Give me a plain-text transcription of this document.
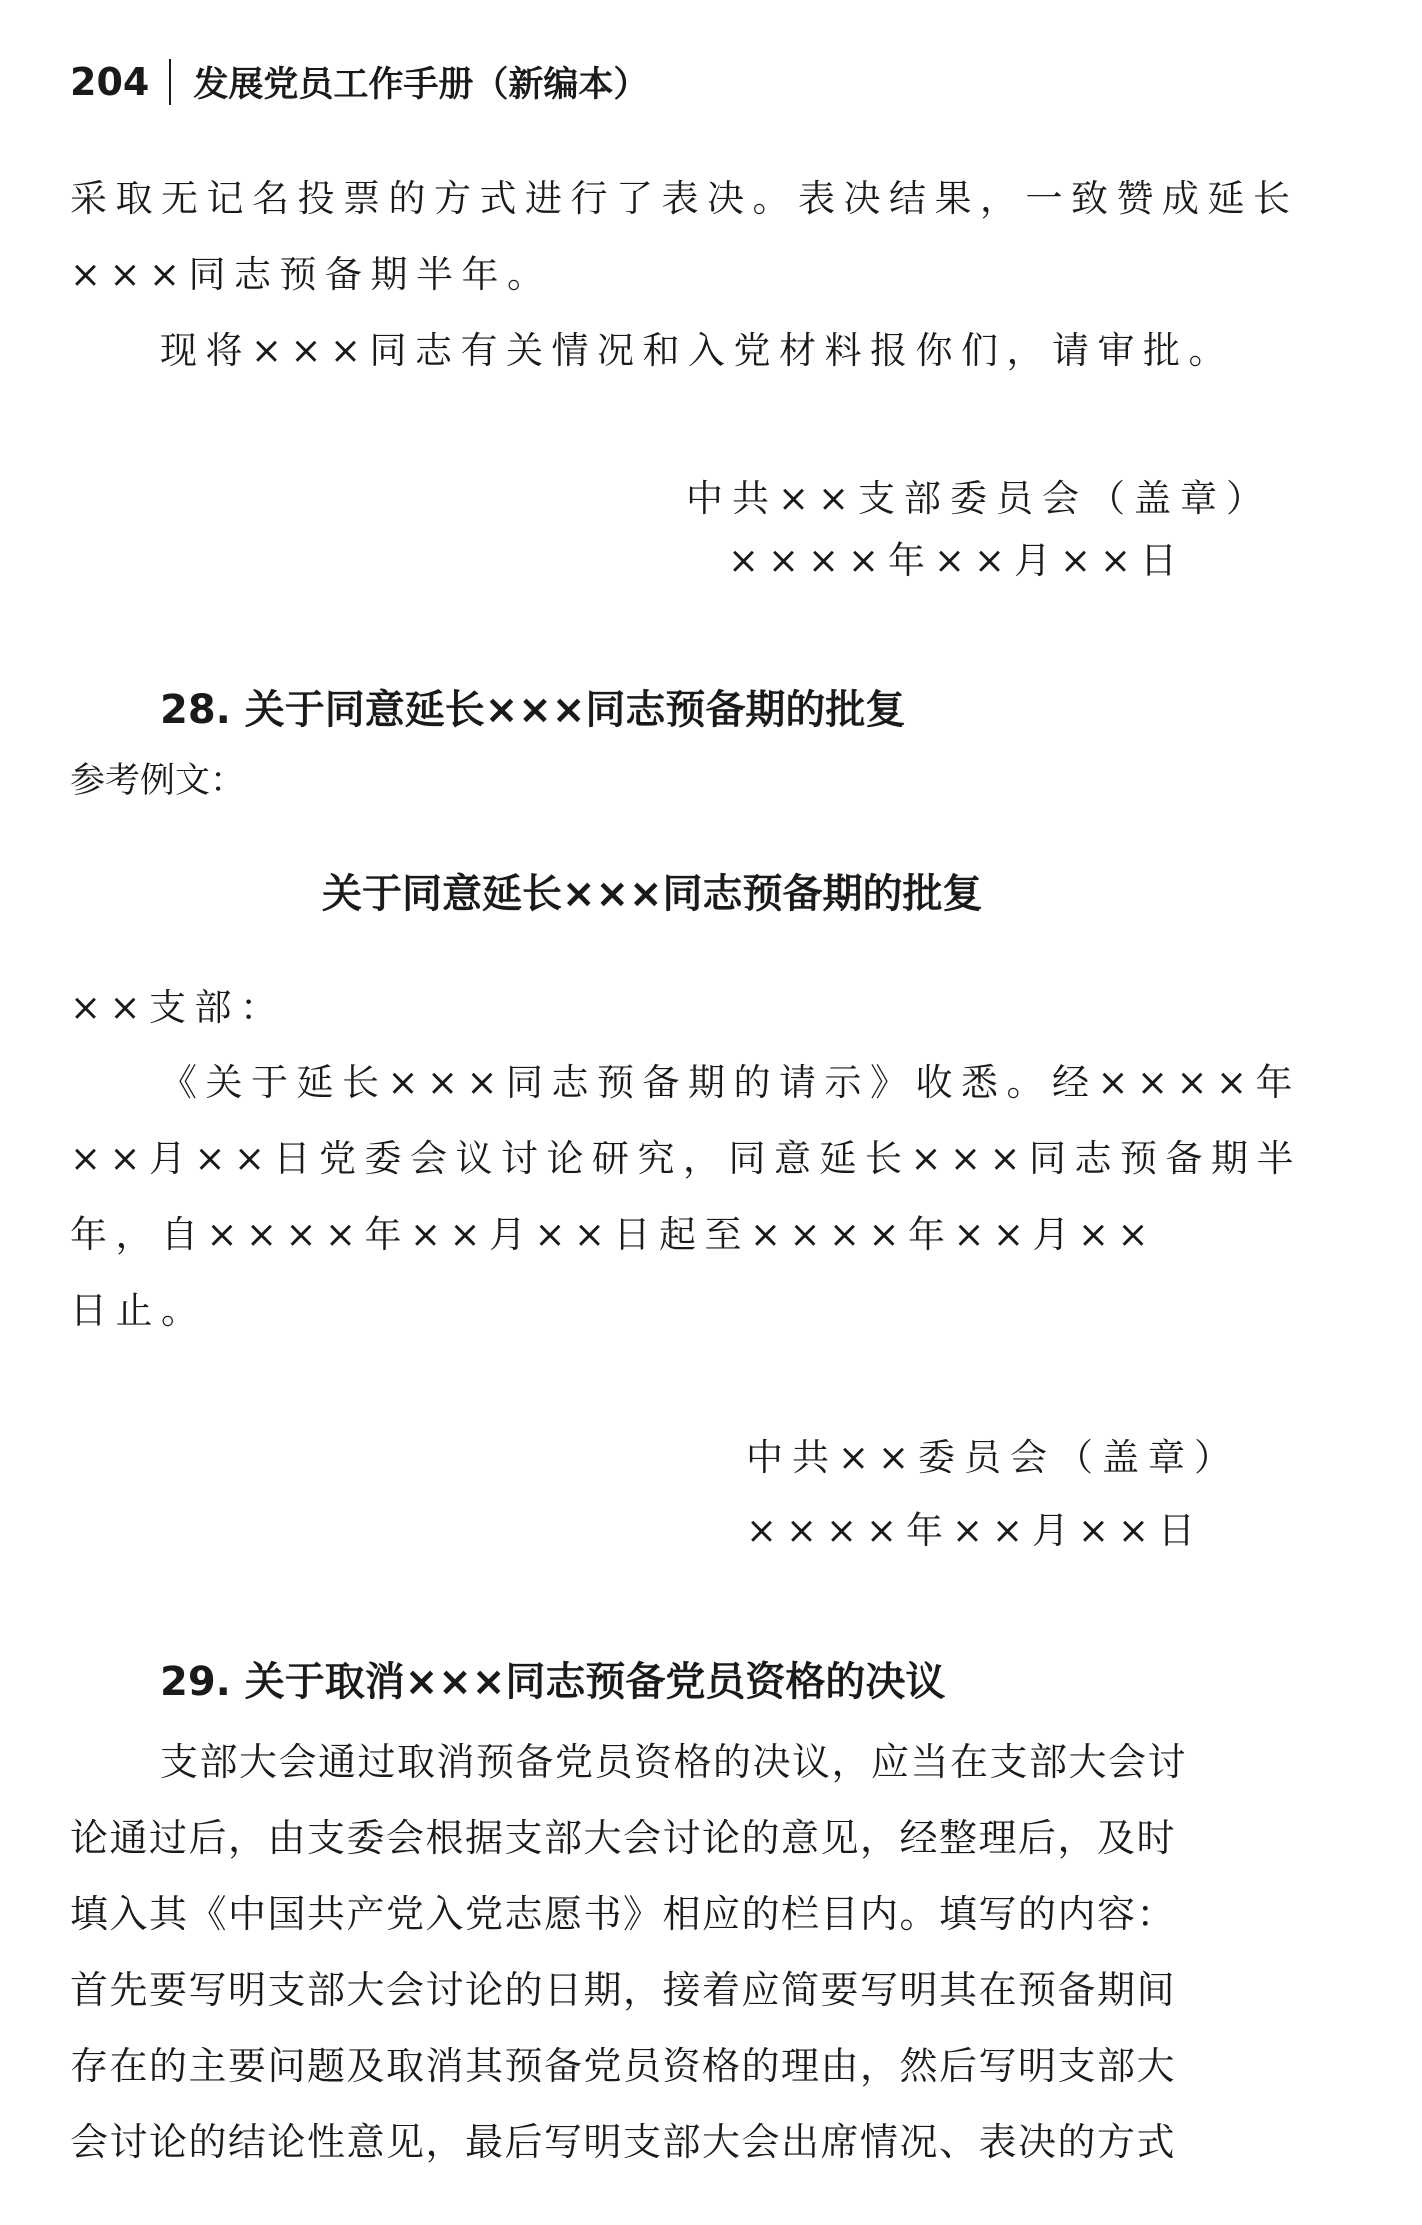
204 发展党员工作手册（新编本）
采取无记名投票的方式进行了表决。表决结果，一致赞成延长
×××同志预备期半年。
现将×××同志有关情况和入党材料报你们，请审批。
中共××支部委员会（盖章）
××××年××月××日
28. 关于同意延长×××同志预备期的批复
参考例文：
关于同意延长×××同志预备期的批复
××支部：
《关于延长×××同志预备期的请示》收悉。经××××年
××月××日党委会议讨论研究，同意延长×××同志预备期半
年，自××××年××月××日起至××××年××月××
日止。
中共××委员会（盖章）
××××年××月××日
29. 关于取消×××同志预备党员资格的决议
支部大会通过取消预备党员资格的决议，应当在支部大会讨
论通过后，由支委会根据支部大会讨论的意见，经整理后，及时
填入其《中国共产党入党志愿书》相应的栏目内。填写的内容：
首先要写明支部大会讨论的日期，接着应简要写明其在预备期间
存在的主要问题及取消其预备党员资格的理由，然后写明支部大
会讨论的结论性意见，最后写明支部大会出席情况、表决的方式
